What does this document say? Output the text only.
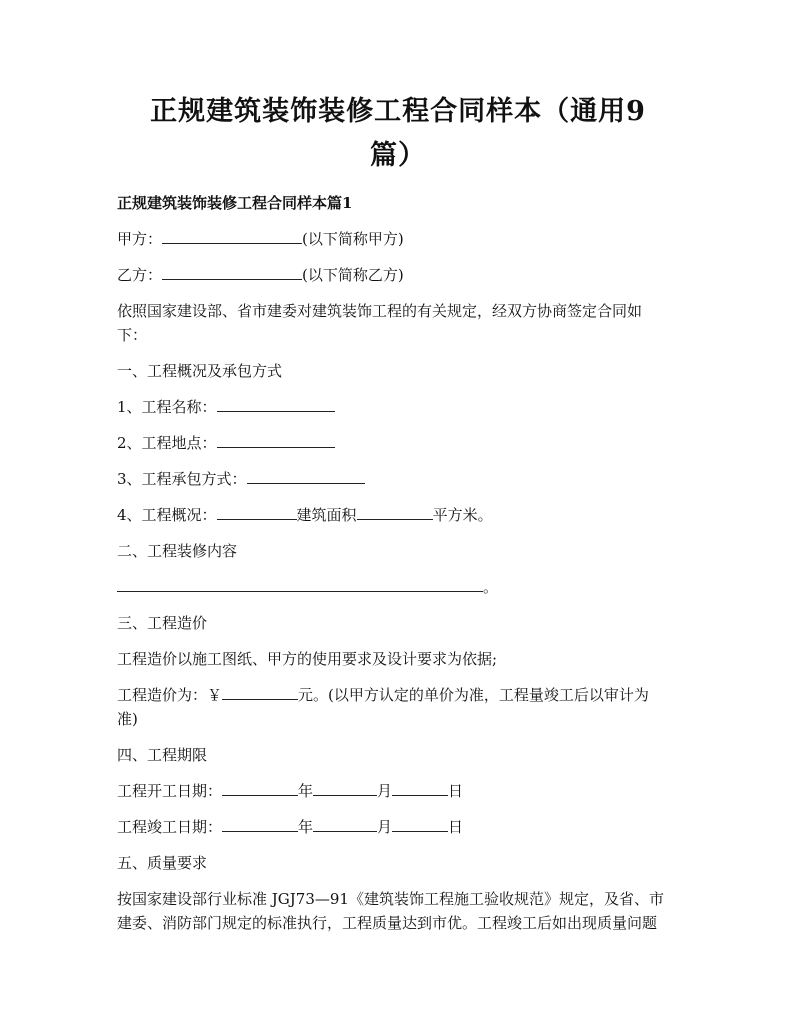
正规建筑装饰装修工程合同样本（通用9
篇）
正规建筑装饰装修工程合同样本篇1
甲方：	(以下简称甲方)
乙方：	(以下简称乙方)
依照国家建设部、省市建委对建筑装饰工程的有关规定，经双方协商签定合同如
下：
一、工程概况及承包方式
1、工程名称：
2、工程地点：
3、工程承包方式：
4、工程概况：	建筑面积	平方米。
二、工程装修内容
。
三、工程造价
工程造价以施工图纸、甲方的使用要求及设计要求为依据;
工程造价为：￥	元。(以甲方认定的单价为准，工程量竣工后以审计为
准)
四、工程期限
工程开工日期：	年	月	日
工程竣工日期：	年	月	日
五、质量要求
按国家建设部行业标准 JGJ73—91《建筑装饰工程施工验收规范》规定，及省、市
建委、消防部门规定的标准执行，工程质量达到市优。工程竣工后如出现质量问题
